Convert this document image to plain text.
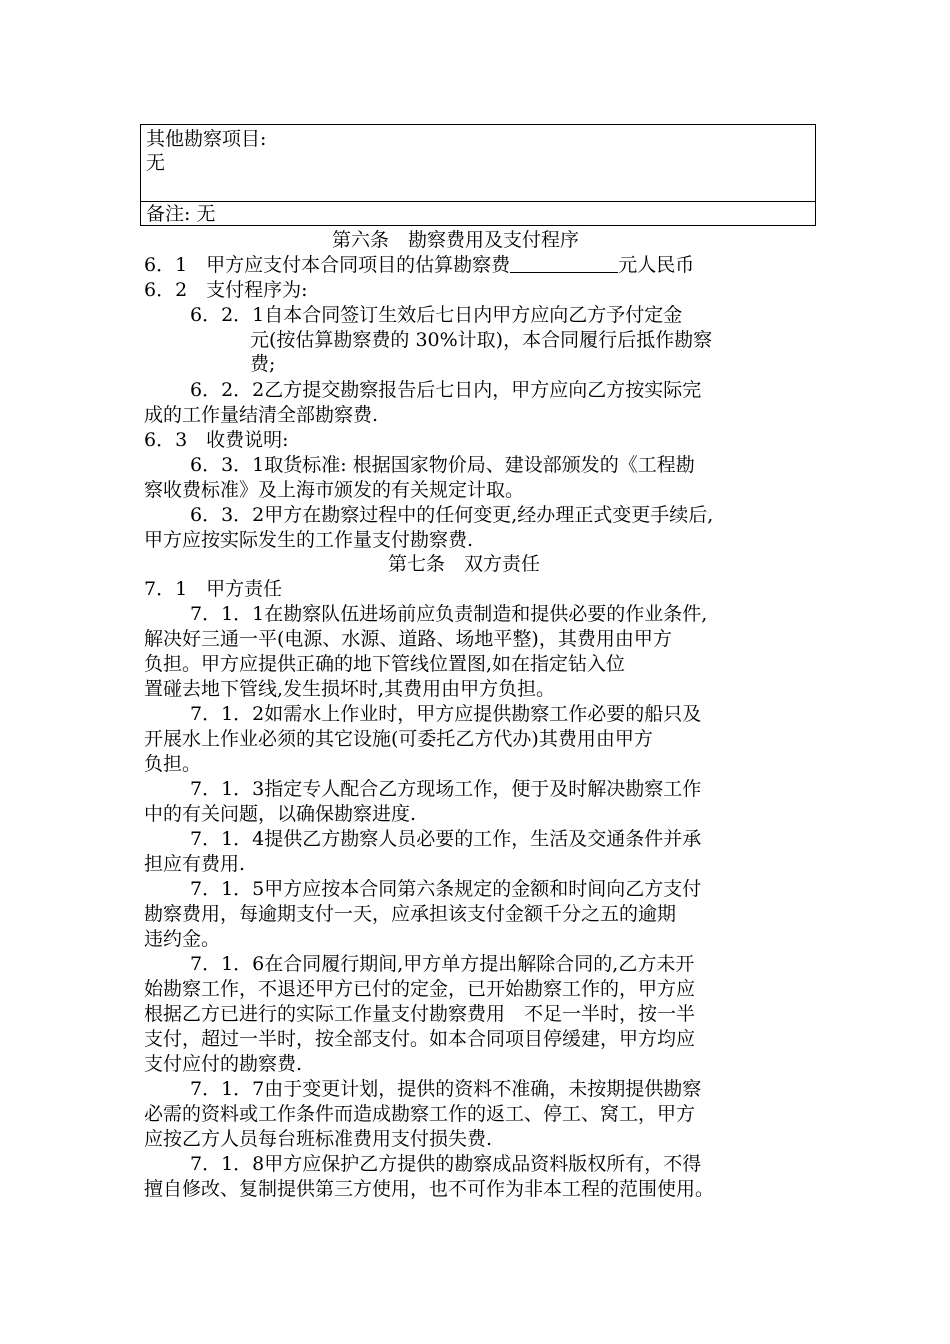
其他勘察项目:
无
备注: 无
第六条　勘察费用及支付程序
6．1　甲方应支付本合同项目的估算勘察费	元人民币
6．2　支付程序为:
6．2．1自本合同签订生效后七日内甲方应向乙方予付定金
元(按估算勘察费的 30%计取)，本合同履行后抵作勘察
费;
6．2．2乙方提交勘察报告后七日内，甲方应向乙方按实际完
成的工作量结清全部勘察费.
6．3　收费说明:
6．3．1取货标准: 根据国家物价局、建设部颁发的《工程勘
察收费标准》及上海市颁发的有关规定计取。
6．3．2甲方在勘察过程中的任何变更,经办理正式变更手续后,
甲方应按实际发生的工作量支付勘察费.
第七条　双方责任
7．1　甲方责任
7．1．1在勘察队伍进场前应负责制造和提供必要的作业条件,
解决好三通一平(电源、水源、道路、场地平整)，其费用由甲方
负担。甲方应提供正确的地下管线位置图,如在指定钻入位
置碰去地下管线,发生损坏时,其费用由甲方负担。
7．1．2如需水上作业时，甲方应提供勘察工作必要的船只及
开展水上作业必须的其它设施(可委托乙方代办)其费用由甲方
负担。
7．1．3指定专人配合乙方现场工作，便于及时解决勘察工作
中的有关问题，以确保勘察进度.
7．1．4提供乙方勘察人员必要的工作，生活及交通条件并承
担应有费用.
7．1．5甲方应按本合同第六条规定的金额和时间向乙方支付
勘察费用，每逾期支付一天，应承担该支付金额千分之五的逾期
违约金。
7．1．6在合同履行期间,甲方单方提出解除合同的,乙方未开
始勘察工作，不退还甲方已付的定金，已开始勘察工作的，甲方应
根据乙方已进行的实际工作量支付勘察费用　不足一半时，按一半
支付，超过一半时，按全部支付。如本合同项目停缓建，甲方均应
支付应付的勘察费.
7．1．7由于变更计划，提供的资料不准确，未按期提供勘察
必需的资料或工作条件而造成勘察工作的返工、停工、窝工，甲方
应按乙方人员每台班标准费用支付损失费.
7．1．8甲方应保护乙方提供的勘察成品资料版权所有，不得
擅自修改、复制提供第三方使用，也不可作为非本工程的范围使用。
